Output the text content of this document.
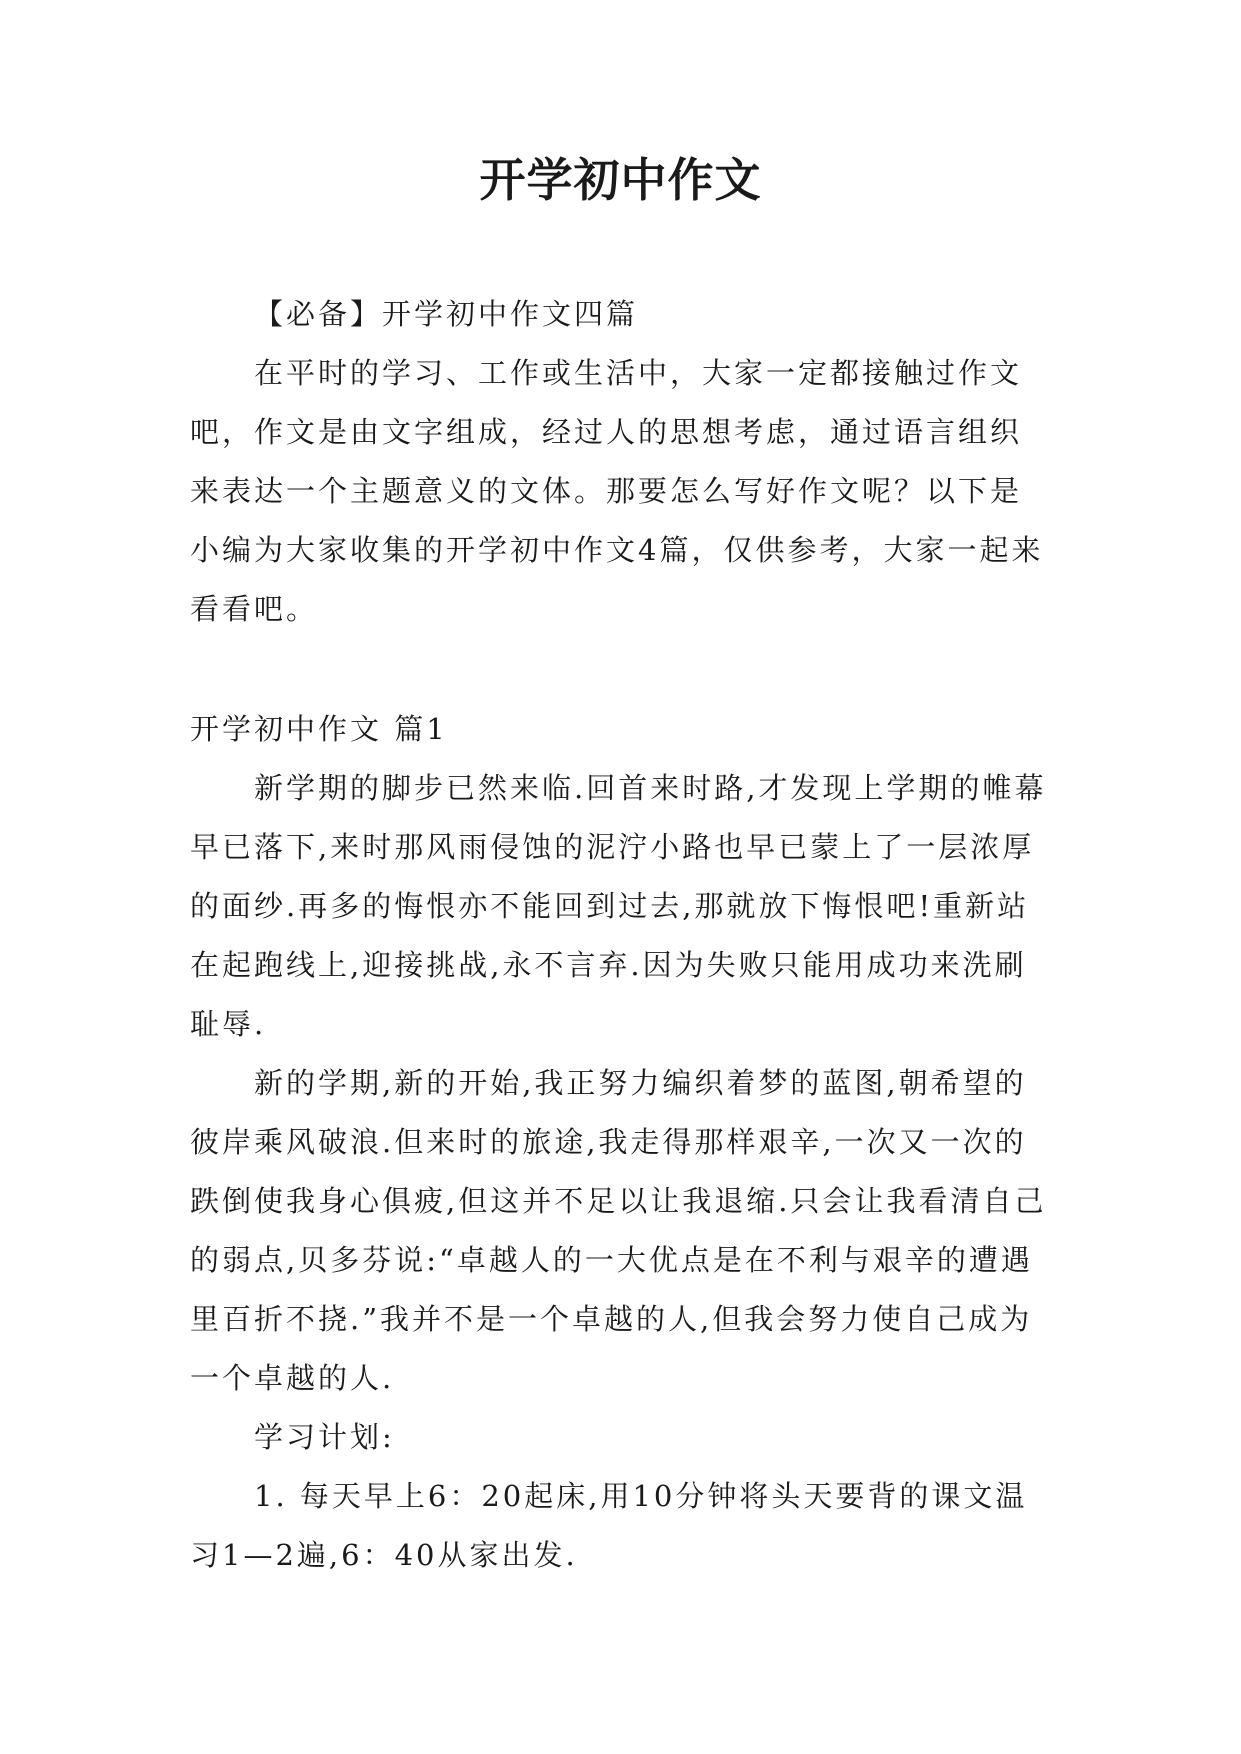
开学初中作文

【必备】开学初中作文四篇

在平时的学习、工作或生活中，大家一定都接触过作文吧，作文是由文字组成，经过人的思想考虑，通过语言组织来表达一个主题意义的文体。那要怎么写好作文呢？以下是小编为大家收集的开学初中作文4篇，仅供参考，大家一起来看看吧。

开学初中作文 篇1

新学期的脚步已然来临.回首来时路,才发现上学期的帷幕早已落下,来时那风雨侵蚀的泥泞小路也早已蒙上了一层浓厚的面纱.再多的悔恨亦不能回到过去,那就放下悔恨吧!重新站在起跑线上,迎接挑战,永不言弃.因为失败只能用成功来洗刷耻辱.

新的学期,新的开始,我正努力编织着梦的蓝图,朝希望的彼岸乘风破浪.但来时的旅途,我走得那样艰辛,一次又一次的跌倒使我身心俱疲,但这并不足以让我退缩.只会让我看清自己的弱点,贝多芬说:“卓越人的一大优点是在不利与艰辛的遭遇里百折不挠.”我并不是一个卓越的人,但我会努力使自己成为一个卓越的人.

学习计划:

1. 每天早上6：20起床,用10分钟将头天要背的课文温习1—2遍,6：40从家出发.
